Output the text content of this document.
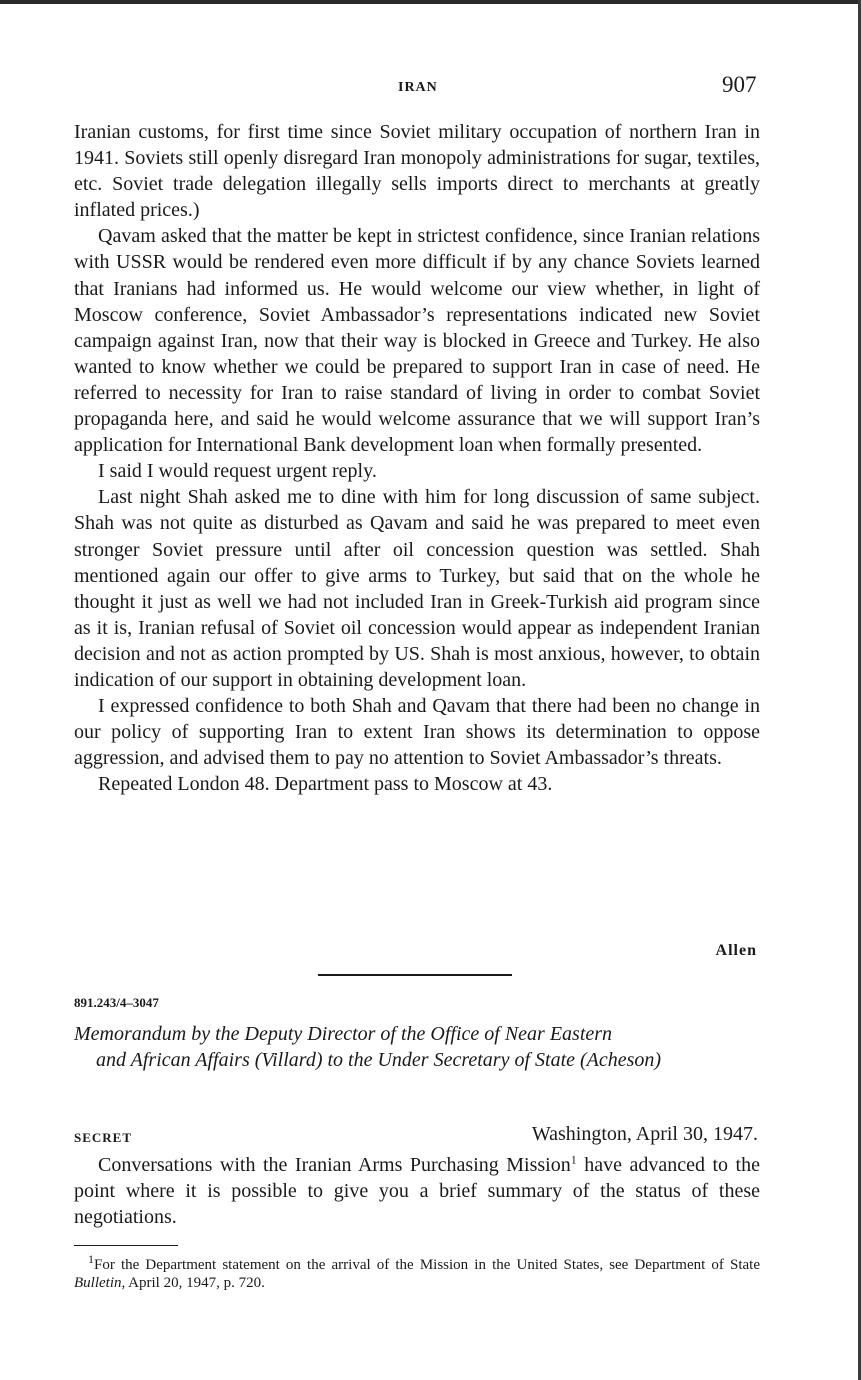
IRAN	907

Iranian customs, for first time since Soviet military occupation of northern Iran in 1941. Soviets still openly disregard Iran monopoly administrations for sugar, textiles, etc. Soviet trade delegation illegally sells imports direct to merchants at greatly inflated prices.)

Qavam asked that the matter be kept in strictest confidence, since Iranian relations with USSR would be rendered even more difficult if by any chance Soviets learned that Iranians had informed us. He would welcome our view whether, in light of Moscow conference, Soviet Ambassador’s representations indicated new Soviet campaign against Iran, now that their way is blocked in Greece and Turkey. He also wanted to know whether we could be prepared to support Iran in case of need. He referred to necessity for Iran to raise standard of living in order to combat Soviet propaganda here, and said he would welcome assurance that we will support Iran’s application for International Bank development loan when formally presented.

I said I would request urgent reply.

Last night Shah asked me to dine with him for long discussion of same subject. Shah was not quite as disturbed as Qavam and said he was prepared to meet even stronger Soviet pressure until after oil concession question was settled. Shah mentioned again our offer to give arms to Turkey, but said that on the whole he thought it just as well we had not included Iran in Greek-Turkish aid program since as it is, Iranian refusal of Soviet oil concession would appear as independent Iranian decision and not as action prompted by US. Shah is most anxious, however, to obtain indication of our support in obtaining development loan.

I expressed confidence to both Shah and Qavam that there had been no change in our policy of supporting Iran to extent Iran shows its determination to oppose aggression, and advised them to pay no attention to Soviet Ambassador’s threats.

Repeated London 48. Department pass to Moscow at 43.

Allen
891.243/4–3047
Memorandum by the Deputy Director of the Office of Near Eastern
and African Affairs (Villard) to the Under Secretary of State (Acheson)
SECRET	Washington, April 30, 1947.

Conversations with the Iranian Arms Purchasing Mission$^1$ have advanced to the point where it is possible to give you a brief summary of the status of these negotiations.

$^1$For the Department statement on the arrival of the Mission in the United States, see Department of State Bulletin, April 20, 1947, p. 720.
